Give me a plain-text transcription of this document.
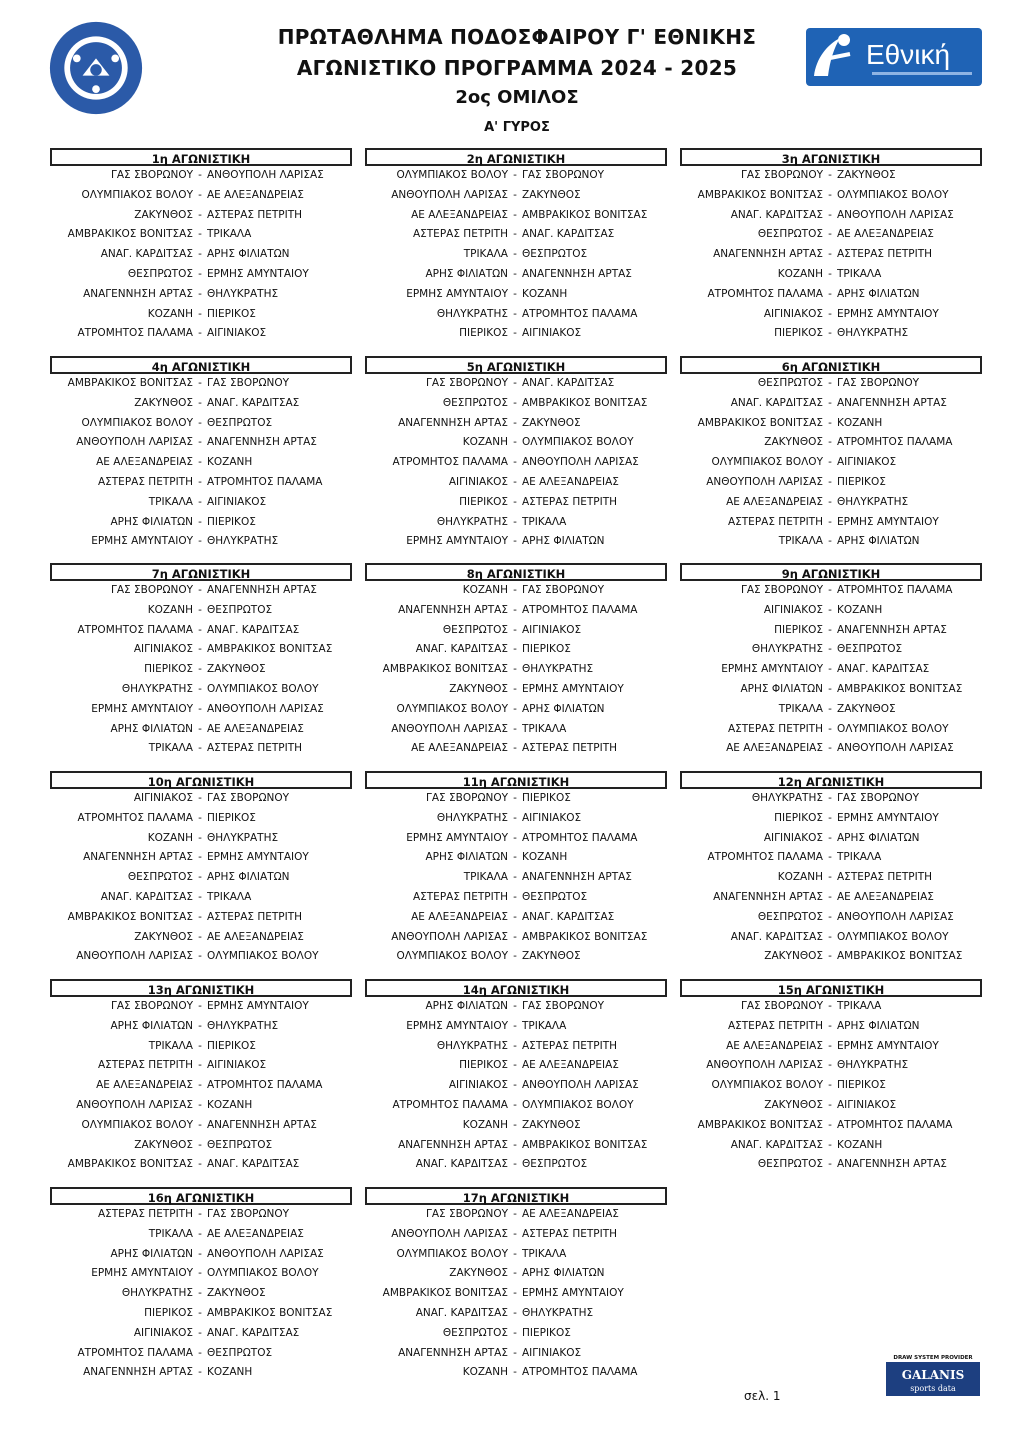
ΠΡΩΤΑΘΛΗΜΑ ΠΟΔΟΣΦΑΙΡΟΥ Γ' ΕΘΝΙΚΗΣ
ΑΓΩΝΙΣΤΙΚΟ ΠΡΟΓΡΑΜΜΑ 2024 - 2025
2ος ΟΜΙΛΟΣ
Α' ΓΥΡΟΣ
Εθνική
1η ΑΓΩΝΙΣΤΙΚΗ
ΓΑΣ ΣΒΟΡΩΝΟΥ - ΑΝΘΟΥΠΟΛΗ ΛΑΡΙΣΑΣ
ΟΛΥΜΠΙΑΚΟΣ ΒΟΛΟΥ - ΑΕ ΑΛΕΞΑΝΔΡΕΙΑΣ
ΖΑΚΥΝΘΟΣ - ΑΣΤΕΡΑΣ ΠΕΤΡΙΤΗ
ΑΜΒΡΑΚΙΚΟΣ ΒΟΝΙΤΣΑΣ - ΤΡΙΚΑΛΑ
ΑΝΑΓ. ΚΑΡΔΙΤΣΑΣ - ΑΡΗΣ ΦΙΛΙΑΤΩΝ
ΘΕΣΠΡΩΤΟΣ - ΕΡΜΗΣ ΑΜΥΝΤΑΙΟΥ
ΑΝΑΓΕΝΝΗΣΗ ΑΡΤΑΣ - ΘΗΛΥΚΡΑΤΗΣ
ΚΟΖΑΝΗ - ΠΙΕΡΙΚΟΣ
ΑΤΡΟΜΗΤΟΣ ΠΑΛΑΜΑ - ΑΙΓΙΝΙΑΚΟΣ
2η ΑΓΩΝΙΣΤΙΚΗ
ΟΛΥΜΠΙΑΚΟΣ ΒΟΛΟΥ - ΓΑΣ ΣΒΟΡΩΝΟΥ
ΑΝΘΟΥΠΟΛΗ ΛΑΡΙΣΑΣ - ΖΑΚΥΝΘΟΣ
ΑΕ ΑΛΕΞΑΝΔΡΕΙΑΣ - ΑΜΒΡΑΚΙΚΟΣ ΒΟΝΙΤΣΑΣ
ΑΣΤΕΡΑΣ ΠΕΤΡΙΤΗ - ΑΝΑΓ. ΚΑΡΔΙΤΣΑΣ
ΤΡΙΚΑΛΑ - ΘΕΣΠΡΩΤΟΣ
ΑΡΗΣ ΦΙΛΙΑΤΩΝ - ΑΝΑΓΕΝΝΗΣΗ ΑΡΤΑΣ
ΕΡΜΗΣ ΑΜΥΝΤΑΙΟΥ - ΚΟΖΑΝΗ
ΘΗΛΥΚΡΑΤΗΣ - ΑΤΡΟΜΗΤΟΣ ΠΑΛΑΜΑ
ΠΙΕΡΙΚΟΣ - ΑΙΓΙΝΙΑΚΟΣ
3η ΑΓΩΝΙΣΤΙΚΗ
ΓΑΣ ΣΒΟΡΩΝΟΥ - ΖΑΚΥΝΘΟΣ
ΑΜΒΡΑΚΙΚΟΣ ΒΟΝΙΤΣΑΣ - ΟΛΥΜΠΙΑΚΟΣ ΒΟΛΟΥ
ΑΝΑΓ. ΚΑΡΔΙΤΣΑΣ - ΑΝΘΟΥΠΟΛΗ ΛΑΡΙΣΑΣ
ΘΕΣΠΡΩΤΟΣ - ΑΕ ΑΛΕΞΑΝΔΡΕΙΑΣ
ΑΝΑΓΕΝΝΗΣΗ ΑΡΤΑΣ - ΑΣΤΕΡΑΣ ΠΕΤΡΙΤΗ
ΚΟΖΑΝΗ - ΤΡΙΚΑΛΑ
ΑΤΡΟΜΗΤΟΣ ΠΑΛΑΜΑ - ΑΡΗΣ ΦΙΛΙΑΤΩΝ
ΑΙΓΙΝΙΑΚΟΣ - ΕΡΜΗΣ ΑΜΥΝΤΑΙΟΥ
ΠΙΕΡΙΚΟΣ - ΘΗΛΥΚΡΑΤΗΣ
4η ΑΓΩΝΙΣΤΙΚΗ
ΑΜΒΡΑΚΙΚΟΣ ΒΟΝΙΤΣΑΣ - ΓΑΣ ΣΒΟΡΩΝΟΥ
ΖΑΚΥΝΘΟΣ - ΑΝΑΓ. ΚΑΡΔΙΤΣΑΣ
ΟΛΥΜΠΙΑΚΟΣ ΒΟΛΟΥ - ΘΕΣΠΡΩΤΟΣ
ΑΝΘΟΥΠΟΛΗ ΛΑΡΙΣΑΣ - ΑΝΑΓΕΝΝΗΣΗ ΑΡΤΑΣ
ΑΕ ΑΛΕΞΑΝΔΡΕΙΑΣ - ΚΟΖΑΝΗ
ΑΣΤΕΡΑΣ ΠΕΤΡΙΤΗ - ΑΤΡΟΜΗΤΟΣ ΠΑΛΑΜΑ
ΤΡΙΚΑΛΑ - ΑΙΓΙΝΙΑΚΟΣ
ΑΡΗΣ ΦΙΛΙΑΤΩΝ - ΠΙΕΡΙΚΟΣ
ΕΡΜΗΣ ΑΜΥΝΤΑΙΟΥ - ΘΗΛΥΚΡΑΤΗΣ
5η ΑΓΩΝΙΣΤΙΚΗ
ΓΑΣ ΣΒΟΡΩΝΟΥ - ΑΝΑΓ. ΚΑΡΔΙΤΣΑΣ
ΘΕΣΠΡΩΤΟΣ - ΑΜΒΡΑΚΙΚΟΣ ΒΟΝΙΤΣΑΣ
ΑΝΑΓΕΝΝΗΣΗ ΑΡΤΑΣ - ΖΑΚΥΝΘΟΣ
ΚΟΖΑΝΗ - ΟΛΥΜΠΙΑΚΟΣ ΒΟΛΟΥ
ΑΤΡΟΜΗΤΟΣ ΠΑΛΑΜΑ - ΑΝΘΟΥΠΟΛΗ ΛΑΡΙΣΑΣ
ΑΙΓΙΝΙΑΚΟΣ - ΑΕ ΑΛΕΞΑΝΔΡΕΙΑΣ
ΠΙΕΡΙΚΟΣ - ΑΣΤΕΡΑΣ ΠΕΤΡΙΤΗ
ΘΗΛΥΚΡΑΤΗΣ - ΤΡΙΚΑΛΑ
ΕΡΜΗΣ ΑΜΥΝΤΑΙΟΥ - ΑΡΗΣ ΦΙΛΙΑΤΩΝ
6η ΑΓΩΝΙΣΤΙΚΗ
ΘΕΣΠΡΩΤΟΣ - ΓΑΣ ΣΒΟΡΩΝΟΥ
ΑΝΑΓ. ΚΑΡΔΙΤΣΑΣ - ΑΝΑΓΕΝΝΗΣΗ ΑΡΤΑΣ
ΑΜΒΡΑΚΙΚΟΣ ΒΟΝΙΤΣΑΣ - ΚΟΖΑΝΗ
ΖΑΚΥΝΘΟΣ - ΑΤΡΟΜΗΤΟΣ ΠΑΛΑΜΑ
ΟΛΥΜΠΙΑΚΟΣ ΒΟΛΟΥ - ΑΙΓΙΝΙΑΚΟΣ
ΑΝΘΟΥΠΟΛΗ ΛΑΡΙΣΑΣ - ΠΙΕΡΙΚΟΣ
ΑΕ ΑΛΕΞΑΝΔΡΕΙΑΣ - ΘΗΛΥΚΡΑΤΗΣ
ΑΣΤΕΡΑΣ ΠΕΤΡΙΤΗ - ΕΡΜΗΣ ΑΜΥΝΤΑΙΟΥ
ΤΡΙΚΑΛΑ - ΑΡΗΣ ΦΙΛΙΑΤΩΝ
7η ΑΓΩΝΙΣΤΙΚΗ
ΓΑΣ ΣΒΟΡΩΝΟΥ - ΑΝΑΓΕΝΝΗΣΗ ΑΡΤΑΣ
ΚΟΖΑΝΗ - ΘΕΣΠΡΩΤΟΣ
ΑΤΡΟΜΗΤΟΣ ΠΑΛΑΜΑ - ΑΝΑΓ. ΚΑΡΔΙΤΣΑΣ
ΑΙΓΙΝΙΑΚΟΣ - ΑΜΒΡΑΚΙΚΟΣ ΒΟΝΙΤΣΑΣ
ΠΙΕΡΙΚΟΣ - ΖΑΚΥΝΘΟΣ
ΘΗΛΥΚΡΑΤΗΣ - ΟΛΥΜΠΙΑΚΟΣ ΒΟΛΟΥ
ΕΡΜΗΣ ΑΜΥΝΤΑΙΟΥ - ΑΝΘΟΥΠΟΛΗ ΛΑΡΙΣΑΣ
ΑΡΗΣ ΦΙΛΙΑΤΩΝ - ΑΕ ΑΛΕΞΑΝΔΡΕΙΑΣ
ΤΡΙΚΑΛΑ - ΑΣΤΕΡΑΣ ΠΕΤΡΙΤΗ
8η ΑΓΩΝΙΣΤΙΚΗ
ΚΟΖΑΝΗ - ΓΑΣ ΣΒΟΡΩΝΟΥ
ΑΝΑΓΕΝΝΗΣΗ ΑΡΤΑΣ - ΑΤΡΟΜΗΤΟΣ ΠΑΛΑΜΑ
ΘΕΣΠΡΩΤΟΣ - ΑΙΓΙΝΙΑΚΟΣ
ΑΝΑΓ. ΚΑΡΔΙΤΣΑΣ - ΠΙΕΡΙΚΟΣ
ΑΜΒΡΑΚΙΚΟΣ ΒΟΝΙΤΣΑΣ - ΘΗΛΥΚΡΑΤΗΣ
ΖΑΚΥΝΘΟΣ - ΕΡΜΗΣ ΑΜΥΝΤΑΙΟΥ
ΟΛΥΜΠΙΑΚΟΣ ΒΟΛΟΥ - ΑΡΗΣ ΦΙΛΙΑΤΩΝ
ΑΝΘΟΥΠΟΛΗ ΛΑΡΙΣΑΣ - ΤΡΙΚΑΛΑ
ΑΕ ΑΛΕΞΑΝΔΡΕΙΑΣ - ΑΣΤΕΡΑΣ ΠΕΤΡΙΤΗ
9η ΑΓΩΝΙΣΤΙΚΗ
ΓΑΣ ΣΒΟΡΩΝΟΥ - ΑΤΡΟΜΗΤΟΣ ΠΑΛΑΜΑ
ΑΙΓΙΝΙΑΚΟΣ - ΚΟΖΑΝΗ
ΠΙΕΡΙΚΟΣ - ΑΝΑΓΕΝΝΗΣΗ ΑΡΤΑΣ
ΘΗΛΥΚΡΑΤΗΣ - ΘΕΣΠΡΩΤΟΣ
ΕΡΜΗΣ ΑΜΥΝΤΑΙΟΥ - ΑΝΑΓ. ΚΑΡΔΙΤΣΑΣ
ΑΡΗΣ ΦΙΛΙΑΤΩΝ - ΑΜΒΡΑΚΙΚΟΣ ΒΟΝΙΤΣΑΣ
ΤΡΙΚΑΛΑ - ΖΑΚΥΝΘΟΣ
ΑΣΤΕΡΑΣ ΠΕΤΡΙΤΗ - ΟΛΥΜΠΙΑΚΟΣ ΒΟΛΟΥ
ΑΕ ΑΛΕΞΑΝΔΡΕΙΑΣ - ΑΝΘΟΥΠΟΛΗ ΛΑΡΙΣΑΣ
10η ΑΓΩΝΙΣΤΙΚΗ
ΑΙΓΙΝΙΑΚΟΣ - ΓΑΣ ΣΒΟΡΩΝΟΥ
ΑΤΡΟΜΗΤΟΣ ΠΑΛΑΜΑ - ΠΙΕΡΙΚΟΣ
ΚΟΖΑΝΗ - ΘΗΛΥΚΡΑΤΗΣ
ΑΝΑΓΕΝΝΗΣΗ ΑΡΤΑΣ - ΕΡΜΗΣ ΑΜΥΝΤΑΙΟΥ
ΘΕΣΠΡΩΤΟΣ - ΑΡΗΣ ΦΙΛΙΑΤΩΝ
ΑΝΑΓ. ΚΑΡΔΙΤΣΑΣ - ΤΡΙΚΑΛΑ
ΑΜΒΡΑΚΙΚΟΣ ΒΟΝΙΤΣΑΣ - ΑΣΤΕΡΑΣ ΠΕΤΡΙΤΗ
ΖΑΚΥΝΘΟΣ - ΑΕ ΑΛΕΞΑΝΔΡΕΙΑΣ
ΑΝΘΟΥΠΟΛΗ ΛΑΡΙΣΑΣ - ΟΛΥΜΠΙΑΚΟΣ ΒΟΛΟΥ
11η ΑΓΩΝΙΣΤΙΚΗ
ΓΑΣ ΣΒΟΡΩΝΟΥ - ΠΙΕΡΙΚΟΣ
ΘΗΛΥΚΡΑΤΗΣ - ΑΙΓΙΝΙΑΚΟΣ
ΕΡΜΗΣ ΑΜΥΝΤΑΙΟΥ - ΑΤΡΟΜΗΤΟΣ ΠΑΛΑΜΑ
ΑΡΗΣ ΦΙΛΙΑΤΩΝ - ΚΟΖΑΝΗ
ΤΡΙΚΑΛΑ - ΑΝΑΓΕΝΝΗΣΗ ΑΡΤΑΣ
ΑΣΤΕΡΑΣ ΠΕΤΡΙΤΗ - ΘΕΣΠΡΩΤΟΣ
ΑΕ ΑΛΕΞΑΝΔΡΕΙΑΣ - ΑΝΑΓ. ΚΑΡΔΙΤΣΑΣ
ΑΝΘΟΥΠΟΛΗ ΛΑΡΙΣΑΣ - ΑΜΒΡΑΚΙΚΟΣ ΒΟΝΙΤΣΑΣ
ΟΛΥΜΠΙΑΚΟΣ ΒΟΛΟΥ - ΖΑΚΥΝΘΟΣ
12η ΑΓΩΝΙΣΤΙΚΗ
ΘΗΛΥΚΡΑΤΗΣ - ΓΑΣ ΣΒΟΡΩΝΟΥ
ΠΙΕΡΙΚΟΣ - ΕΡΜΗΣ ΑΜΥΝΤΑΙΟΥ
ΑΙΓΙΝΙΑΚΟΣ - ΑΡΗΣ ΦΙΛΙΑΤΩΝ
ΑΤΡΟΜΗΤΟΣ ΠΑΛΑΜΑ - ΤΡΙΚΑΛΑ
ΚΟΖΑΝΗ - ΑΣΤΕΡΑΣ ΠΕΤΡΙΤΗ
ΑΝΑΓΕΝΝΗΣΗ ΑΡΤΑΣ - ΑΕ ΑΛΕΞΑΝΔΡΕΙΑΣ
ΘΕΣΠΡΩΤΟΣ - ΑΝΘΟΥΠΟΛΗ ΛΑΡΙΣΑΣ
ΑΝΑΓ. ΚΑΡΔΙΤΣΑΣ - ΟΛΥΜΠΙΑΚΟΣ ΒΟΛΟΥ
ΖΑΚΥΝΘΟΣ - ΑΜΒΡΑΚΙΚΟΣ ΒΟΝΙΤΣΑΣ
13η ΑΓΩΝΙΣΤΙΚΗ
ΓΑΣ ΣΒΟΡΩΝΟΥ - ΕΡΜΗΣ ΑΜΥΝΤΑΙΟΥ
ΑΡΗΣ ΦΙΛΙΑΤΩΝ - ΘΗΛΥΚΡΑΤΗΣ
ΤΡΙΚΑΛΑ - ΠΙΕΡΙΚΟΣ
ΑΣΤΕΡΑΣ ΠΕΤΡΙΤΗ - ΑΙΓΙΝΙΑΚΟΣ
ΑΕ ΑΛΕΞΑΝΔΡΕΙΑΣ - ΑΤΡΟΜΗΤΟΣ ΠΑΛΑΜΑ
ΑΝΘΟΥΠΟΛΗ ΛΑΡΙΣΑΣ - ΚΟΖΑΝΗ
ΟΛΥΜΠΙΑΚΟΣ ΒΟΛΟΥ - ΑΝΑΓΕΝΝΗΣΗ ΑΡΤΑΣ
ΖΑΚΥΝΘΟΣ - ΘΕΣΠΡΩΤΟΣ
ΑΜΒΡΑΚΙΚΟΣ ΒΟΝΙΤΣΑΣ - ΑΝΑΓ. ΚΑΡΔΙΤΣΑΣ
14η ΑΓΩΝΙΣΤΙΚΗ
ΑΡΗΣ ΦΙΛΙΑΤΩΝ - ΓΑΣ ΣΒΟΡΩΝΟΥ
ΕΡΜΗΣ ΑΜΥΝΤΑΙΟΥ - ΤΡΙΚΑΛΑ
ΘΗΛΥΚΡΑΤΗΣ - ΑΣΤΕΡΑΣ ΠΕΤΡΙΤΗ
ΠΙΕΡΙΚΟΣ - ΑΕ ΑΛΕΞΑΝΔΡΕΙΑΣ
ΑΙΓΙΝΙΑΚΟΣ - ΑΝΘΟΥΠΟΛΗ ΛΑΡΙΣΑΣ
ΑΤΡΟΜΗΤΟΣ ΠΑΛΑΜΑ - ΟΛΥΜΠΙΑΚΟΣ ΒΟΛΟΥ
ΚΟΖΑΝΗ - ΖΑΚΥΝΘΟΣ
ΑΝΑΓΕΝΝΗΣΗ ΑΡΤΑΣ - ΑΜΒΡΑΚΙΚΟΣ ΒΟΝΙΤΣΑΣ
ΑΝΑΓ. ΚΑΡΔΙΤΣΑΣ - ΘΕΣΠΡΩΤΟΣ
15η ΑΓΩΝΙΣΤΙΚΗ
ΓΑΣ ΣΒΟΡΩΝΟΥ - ΤΡΙΚΑΛΑ
ΑΣΤΕΡΑΣ ΠΕΤΡΙΤΗ - ΑΡΗΣ ΦΙΛΙΑΤΩΝ
ΑΕ ΑΛΕΞΑΝΔΡΕΙΑΣ - ΕΡΜΗΣ ΑΜΥΝΤΑΙΟΥ
ΑΝΘΟΥΠΟΛΗ ΛΑΡΙΣΑΣ - ΘΗΛΥΚΡΑΤΗΣ
ΟΛΥΜΠΙΑΚΟΣ ΒΟΛΟΥ - ΠΙΕΡΙΚΟΣ
ΖΑΚΥΝΘΟΣ - ΑΙΓΙΝΙΑΚΟΣ
ΑΜΒΡΑΚΙΚΟΣ ΒΟΝΙΤΣΑΣ - ΑΤΡΟΜΗΤΟΣ ΠΑΛΑΜΑ
ΑΝΑΓ. ΚΑΡΔΙΤΣΑΣ - ΚΟΖΑΝΗ
ΘΕΣΠΡΩΤΟΣ - ΑΝΑΓΕΝΝΗΣΗ ΑΡΤΑΣ
16η ΑΓΩΝΙΣΤΙΚΗ
ΑΣΤΕΡΑΣ ΠΕΤΡΙΤΗ - ΓΑΣ ΣΒΟΡΩΝΟΥ
ΤΡΙΚΑΛΑ - ΑΕ ΑΛΕΞΑΝΔΡΕΙΑΣ
ΑΡΗΣ ΦΙΛΙΑΤΩΝ - ΑΝΘΟΥΠΟΛΗ ΛΑΡΙΣΑΣ
ΕΡΜΗΣ ΑΜΥΝΤΑΙΟΥ - ΟΛΥΜΠΙΑΚΟΣ ΒΟΛΟΥ
ΘΗΛΥΚΡΑΤΗΣ - ΖΑΚΥΝΘΟΣ
ΠΙΕΡΙΚΟΣ - ΑΜΒΡΑΚΙΚΟΣ ΒΟΝΙΤΣΑΣ
ΑΙΓΙΝΙΑΚΟΣ - ΑΝΑΓ. ΚΑΡΔΙΤΣΑΣ
ΑΤΡΟΜΗΤΟΣ ΠΑΛΑΜΑ - ΘΕΣΠΡΩΤΟΣ
ΑΝΑΓΕΝΝΗΣΗ ΑΡΤΑΣ - ΚΟΖΑΝΗ
17η ΑΓΩΝΙΣΤΙΚΗ
ΓΑΣ ΣΒΟΡΩΝΟΥ - ΑΕ ΑΛΕΞΑΝΔΡΕΙΑΣ
ΑΝΘΟΥΠΟΛΗ ΛΑΡΙΣΑΣ - ΑΣΤΕΡΑΣ ΠΕΤΡΙΤΗ
ΟΛΥΜΠΙΑΚΟΣ ΒΟΛΟΥ - ΤΡΙΚΑΛΑ
ΖΑΚΥΝΘΟΣ - ΑΡΗΣ ΦΙΛΙΑΤΩΝ
ΑΜΒΡΑΚΙΚΟΣ ΒΟΝΙΤΣΑΣ - ΕΡΜΗΣ ΑΜΥΝΤΑΙΟΥ
ΑΝΑΓ. ΚΑΡΔΙΤΣΑΣ - ΘΗΛΥΚΡΑΤΗΣ
ΘΕΣΠΡΩΤΟΣ - ΠΙΕΡΙΚΟΣ
ΑΝΑΓΕΝΝΗΣΗ ΑΡΤΑΣ - ΑΙΓΙΝΙΑΚΟΣ
ΚΟΖΑΝΗ - ΑΤΡΟΜΗΤΟΣ ΠΑΛΑΜΑ
DRAW SYSTEM PROVIDER
GALANIS
sports data
σελ. 1
